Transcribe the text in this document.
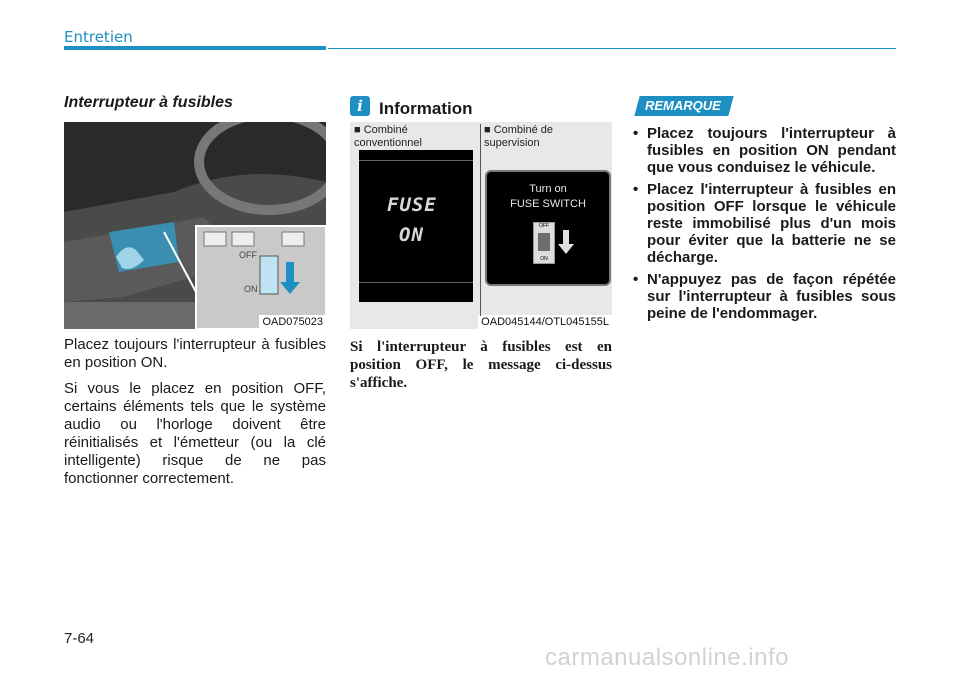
Entretien
Interrupteur à fusibles
OFF
ON
OAD075023

Placez toujours l'interrupteur à fusibles en position ON.

Si vous le placez en position OFF, certains éléments tels que le système audio ou l'horloge doivent être réinitialisés et l'émetteur (ou la clé intelligente) risque de ne pas fonctionner correctement.

i Information
■ Combiné conventionnel
■ Combiné de supervision
OAD045144/OTL045155L
FUSE
ON
Turn on
FUSE SWITCH
OFF
ON
Si l'interrupteur à fusibles est en position OFF, le message ci-dessus s'affiche.
REMARQUE
• Placez toujours l'interrupteur à fusibles en position ON pendant que vous conduisez le véhicule.
• Placez l'interrupteur à fusibles en position OFF lorsque le véhicule reste immobilisé plus d'un mois pour éviter que la batterie ne se décharge.
• N'appuyez pas de façon répétée sur l'interrupteur à fusibles sous peine de l'endommager.
7-64
carmanualsonline.info
